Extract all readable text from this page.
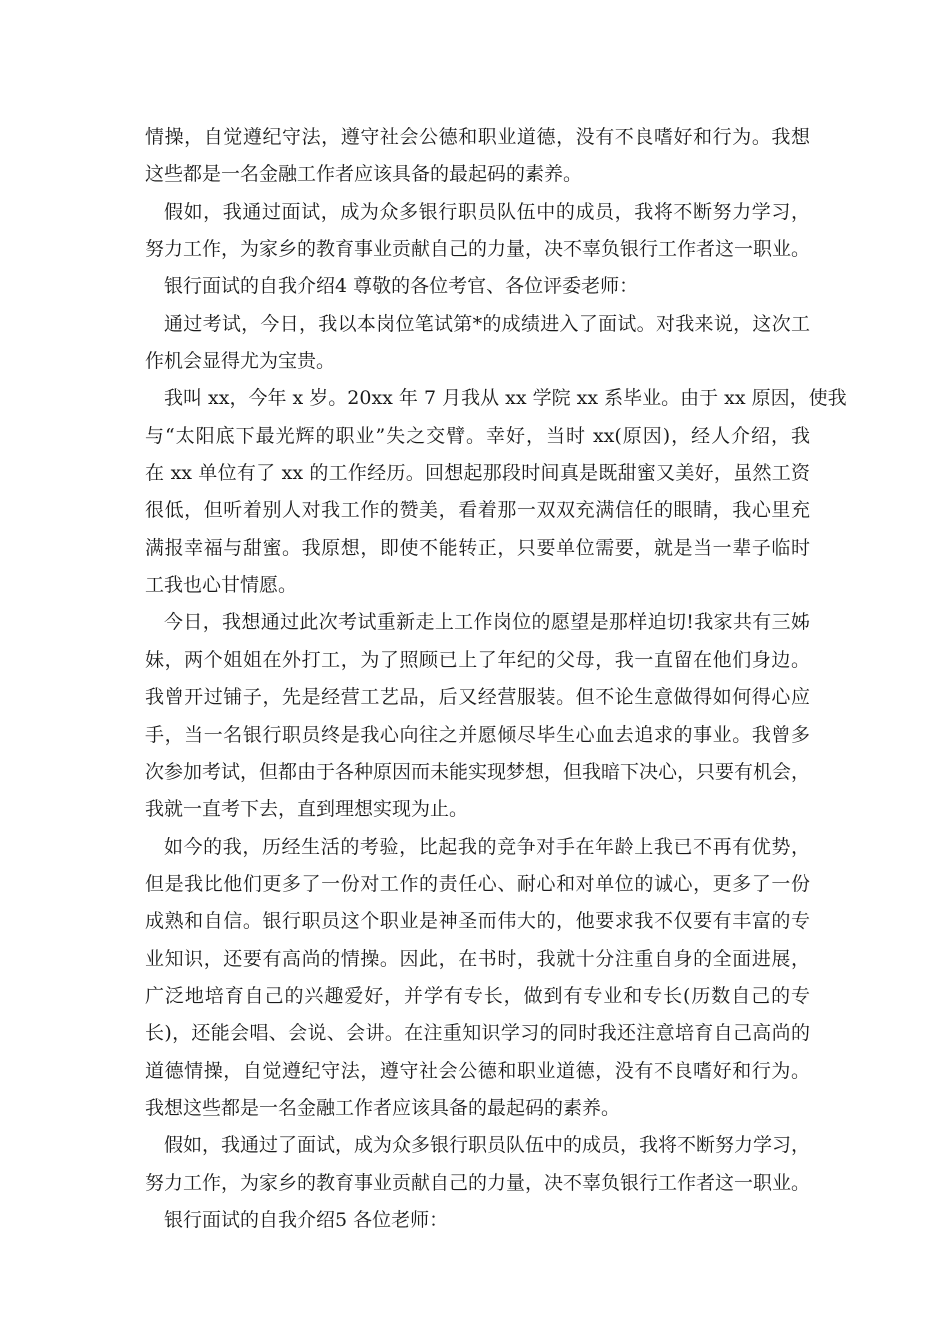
情操，自觉遵纪守法，遵守社会公德和职业道德，没有不良嗜好和行为。我想
这些都是一名金融工作者应该具备的最起码的素养。
假如，我通过面试，成为众多银行职员队伍中的成员，我将不断努力学习，
努力工作，为家乡的教育事业贡献自己的力量，决不辜负银行工作者这一职业。
银行面试的自我介绍4 尊敬的各位考官、各位评委老师：
通过考试，今日，我以本岗位笔试第*的成绩进入了面试。对我来说，这次工
作机会显得尤为宝贵。
我叫 xx，今年 x 岁。20xx 年 7 月我从 xx 学院 xx 系毕业。由于 xx 原因，使我
与“太阳底下最光辉的职业”失之交臂。幸好，当时 xx(原因)，经人介绍，我
在 xx 单位有了 xx 的工作经历。回想起那段时间真是既甜蜜又美好，虽然工资
很低，但听着别人对我工作的赞美，看着那一双双充满信任的眼睛，我心里充
满报幸福与甜蜜。我原想，即使不能转正，只要单位需要，就是当一辈子临时
工我也心甘情愿。
今日，我想通过此次考试重新走上工作岗位的愿望是那样迫切!我家共有三姊
妹，两个姐姐在外打工，为了照顾已上了年纪的父母，我一直留在他们身边。
我曾开过铺子，先是经营工艺品，后又经营服装。但不论生意做得如何得心应
手，当一名银行职员终是我心向往之并愿倾尽毕生心血去追求的事业。我曾多
次参加考试，但都由于各种原因而未能实现梦想，但我暗下决心，只要有机会，
我就一直考下去，直到理想实现为止。
如今的我，历经生活的考验，比起我的竞争对手在年龄上我已不再有优势，
但是我比他们更多了一份对工作的责任心、耐心和对单位的诚心，更多了一份
成熟和自信。银行职员这个职业是神圣而伟大的，他要求我不仅要有丰富的专
业知识，还要有高尚的情操。因此，在书时，我就十分注重自身的全面进展，
广泛地培育自己的兴趣爱好，并学有专长，做到有专业和专长(历数自己的专
长)，还能会唱、会说、会讲。在注重知识学习的同时我还注意培育自己高尚的
道德情操，自觉遵纪守法，遵守社会公德和职业道德，没有不良嗜好和行为。
我想这些都是一名金融工作者应该具备的最起码的素养。
假如，我通过了面试，成为众多银行职员队伍中的成员，我将不断努力学习，
努力工作，为家乡的教育事业贡献自己的力量，决不辜负银行工作者这一职业。
银行面试的自我介绍5 各位老师：
